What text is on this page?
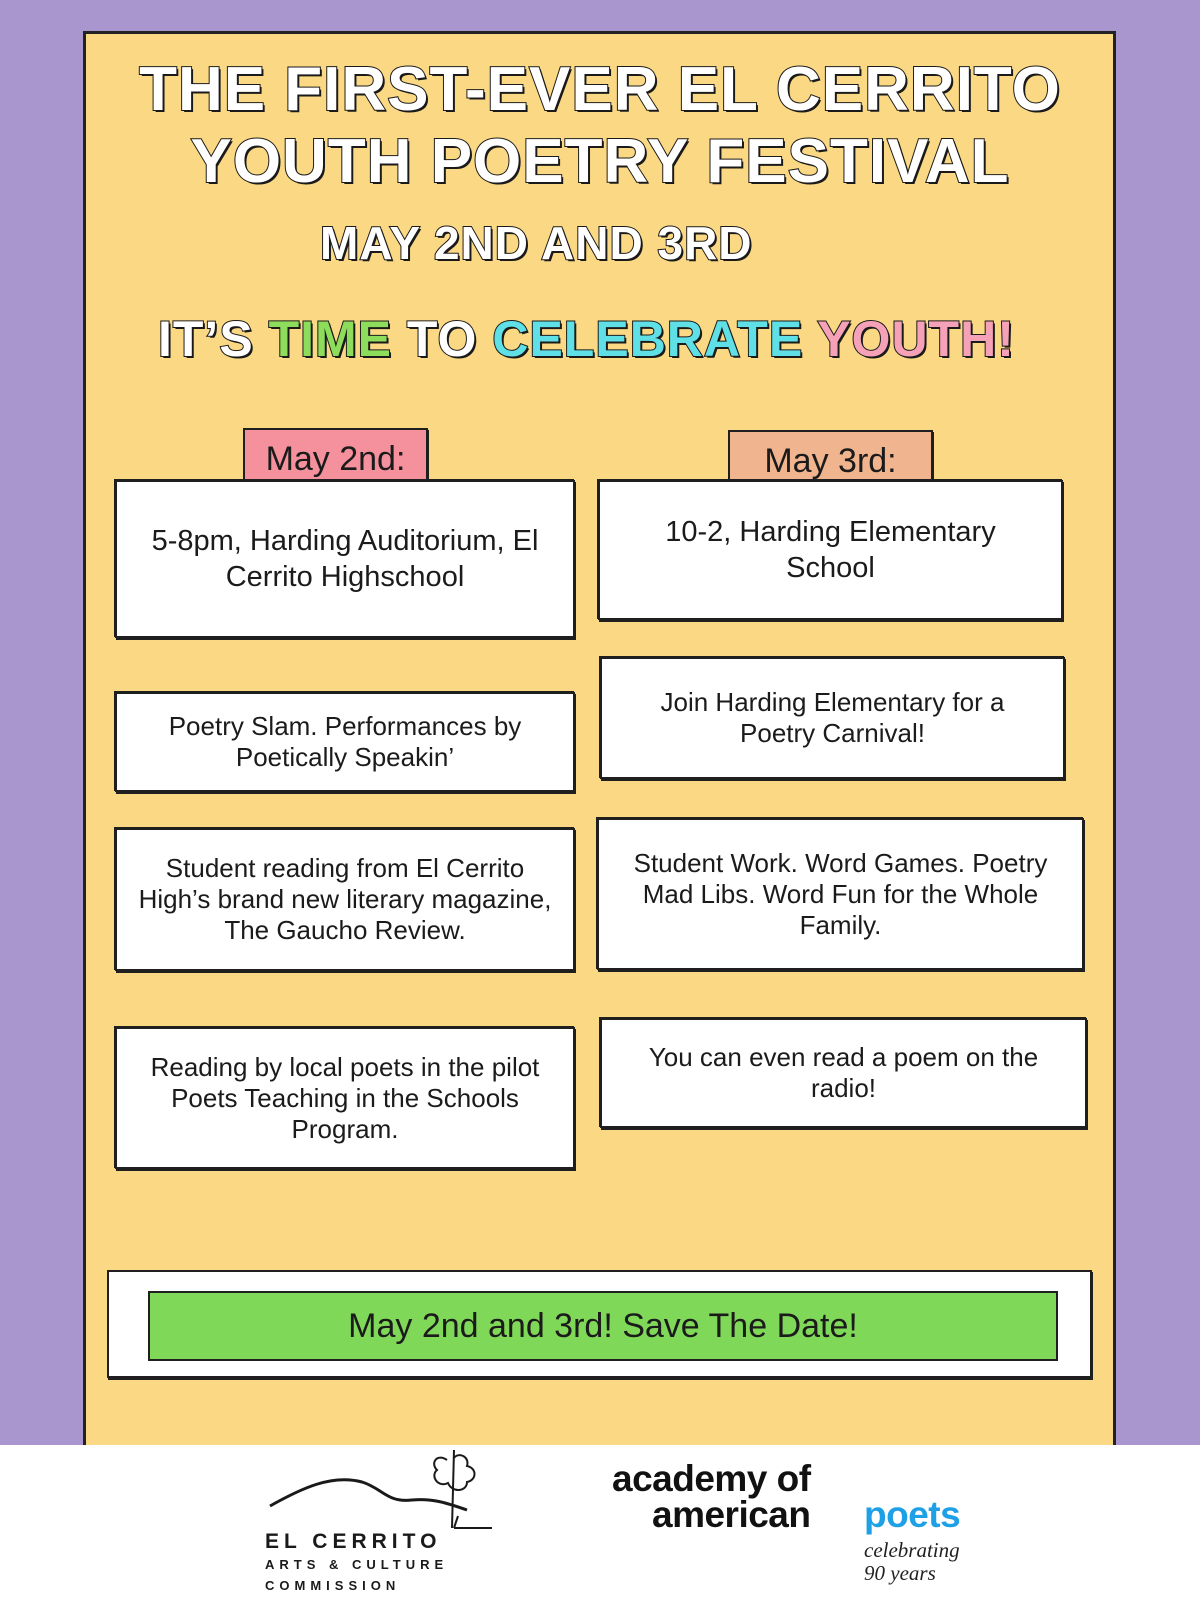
THE FIRST-EVER EL CERRITO
YOUTH POETRY FESTIVAL
MAY 2ND AND 3RD
IT’S TIME TO CELEBRATE YOUTH!
May 2nd:
5-8pm, Harding Auditorium, El Cerrito Highschool
Poetry Slam. Performances by Poetically Speakin’
Student reading from El Cerrito High’s brand new literary magazine, The Gaucho Review.
Reading by local poets in the pilot Poets Teaching in the Schools Program.
May 3rd:
10-2, Harding Elementary School
Join Harding Elementary for a Poetry Carnival!
Student Work. Word Games. Poetry Mad Libs. Word Fun for the Whole Family.
You can even read a poem on the radio!
May 2nd and 3rd! Save The Date!
EL CERRITO
ARTS & CULTURE
COMMISSION
academy of
american poets
celebrating
90 years
